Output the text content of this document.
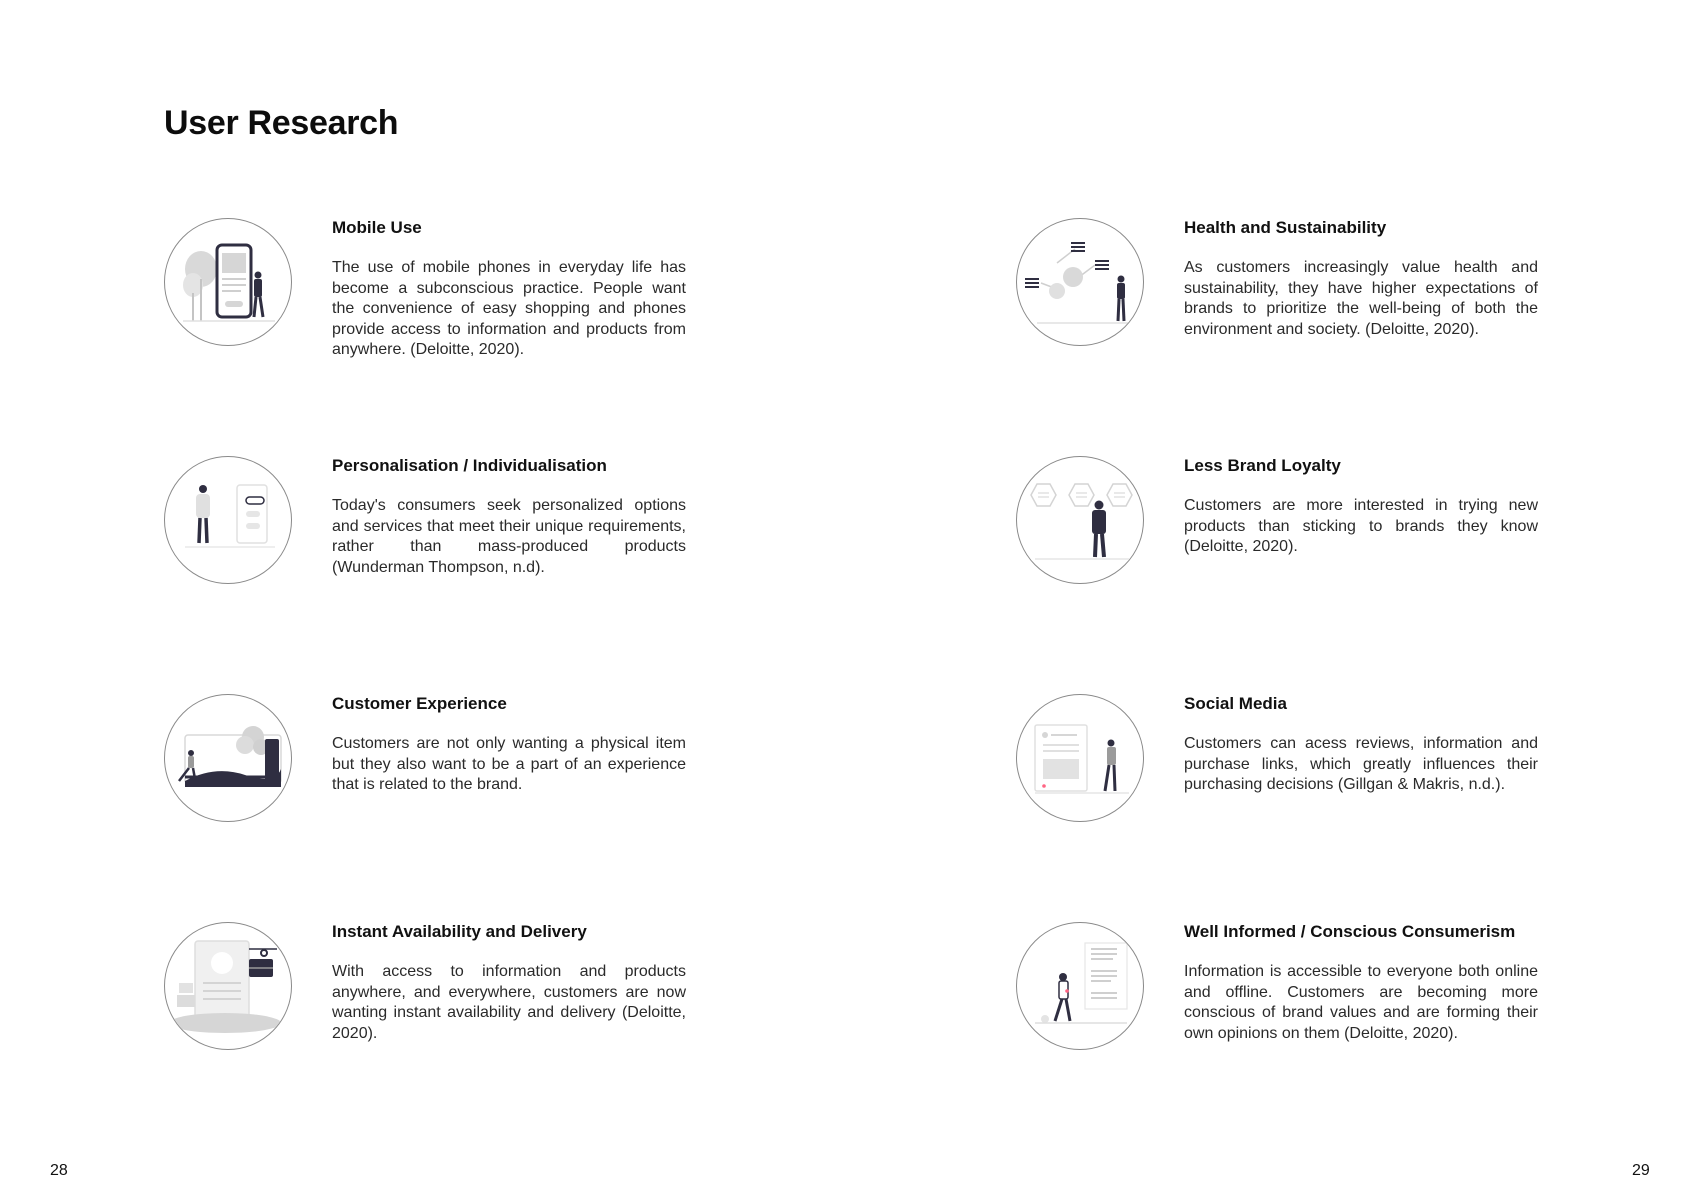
User Research
Mobile Use

The use of mobile phones in everyday life has become a subconscious practice. People want the convenience of easy shopping and phones provide access to information and products from anywhere. (Deloitte, 2020).

Health and Sustainability

As customers increasingly value health and sustainability, they have higher expectations of brands to prioritize the well-being of both the environment and society. (Deloitte, 2020).

Personalisation / Individualisation

Today's consumers seek personalized options and services that meet their unique requirements, rather than mass-produced products (Wunderman Thompson, n.d).

Less Brand Loyalty

Customers are more interested in trying new products than sticking to brands they know (Deloitte, 2020).

Customer Experience

Customers are not only wanting a physical item but they also want to be a part of an experience that is related to the brand.

Social Media

Customers can acess reviews, information and purchase links, which greatly influences their purchasing decisions (Gillgan & Makris, n.d.).

Instant Availability and Delivery

With access to information and products anywhere, and everywhere, customers are now wanting instant availability and delivery (Deloitte, 2020).

Well Informed / Conscious Consumerism

Information is accessible to everyone both online and offline. Customers are becoming more conscious of brand values and are forming their own opinions on them (Deloitte, 2020).

28	29
